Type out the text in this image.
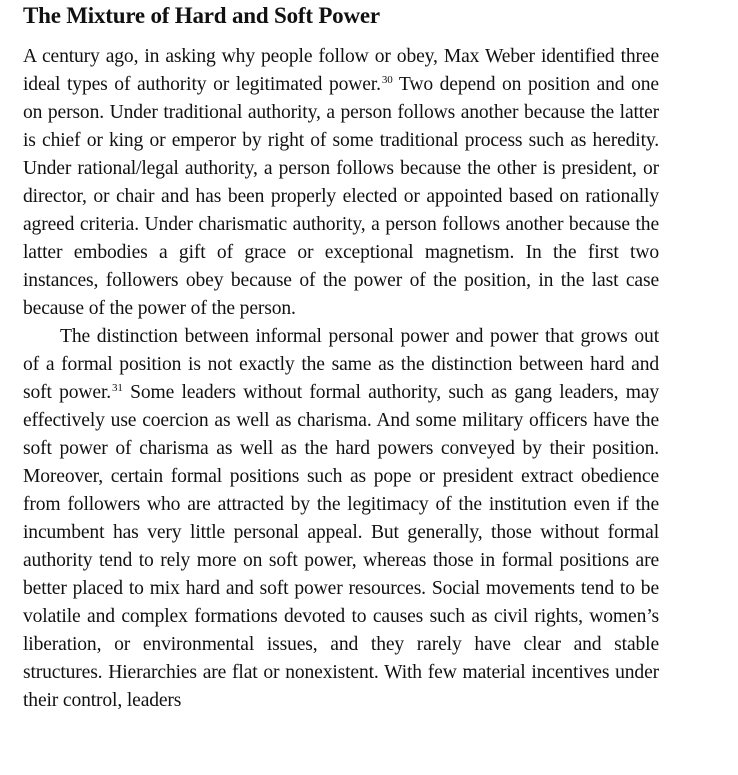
The Mixture of Hard and Soft Power

A century ago, in asking why people follow or obey, Max Weber identified three ideal types of authority or legitimated power.$^{30}$ Two depend on position and one on person. Under traditional authority, a person follows another because the latter is chief or king or emperor by right of some traditional process such as heredity. Under rational/legal authority, a person follows because the other is president, or director, or chair and has been properly elected or appointed based on rationally agreed criteria. Under charismatic authority, a person follows another because the latter embodies a gift of grace or exceptional magnetism. In the first two instances, followers obey because of the power of the position, in the last case because of the power of the person.

The distinction between informal personal power and power that grows out of a formal position is not exactly the same as the distinction between hard and soft power.$^{31}$ Some leaders without formal authority, such as gang leaders, may effectively use coercion as well as charisma. And some military officers have the soft power of charisma as well as the hard powers conveyed by their position. Moreover, certain formal positions such as pope or president extract obedience from followers who are attracted by the legitimacy of the institution even if the incumbent has very little personal appeal. But generally, those without formal authority tend to rely more on soft power, whereas those in formal positions are better placed to mix hard and soft power resources. Social movements tend to be volatile and complex formations devoted to causes such as civil rights, women’s liberation, or environmental issues, and they rarely have clear and stable structures. Hierarchies are flat or nonexistent. With few material incentives under their control, leaders
